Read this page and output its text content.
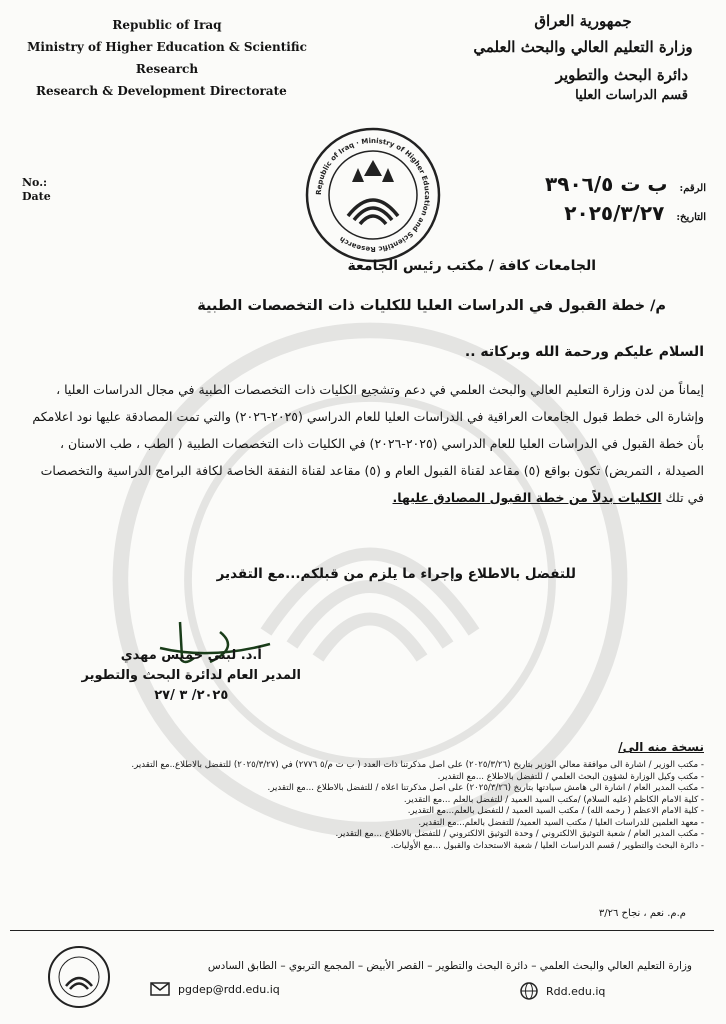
Republic of Iraq
Ministry of Higher Education & Scientific
Research
Research & Development Directorate
جمهورية العراق
وزارة التعليم العالي والبحث العلمي
دائرة البحث والتطوير
قسم الدراسات العليا
No.:
Date
الرقم:ب ت ٣٩٠٦/٥
التاريخ:٢٠٢٥/٣/٢٧
Republic of Iraq · Ministry of Higher Education and Scientific Research
الجامعات كافة / مكتب رئيس الجامعة
م/ خطة القبول في الدراسات العليا للكليات ذات التخصصات الطبية
السلام عليكم ورحمة الله وبركاته ..
إيماناً من لدن وزارة التعليم العالي والبحث العلمي في دعم وتشجيع الكليات ذات التخصصات الطبية في مجال الدراسات العليا ، وإشارة الى خطط قبول الجامعات العراقية في الدراسات العليا للعام الدراسي (٢٠٢٥-٢٠٢٦) والتي تمت المصادقة عليها نود اعلامكم بأن خطة القبول في الدراسات العليا للعام الدراسي (٢٠٢٥-٢٠٢٦) في الكليات ذات التخصصات الطبية ( الطب ، طب الاسنان ، الصيدلة ، التمريض) تكون بواقع (٥) مقاعد لقناة القبول العام و (٥) مقاعد لقناة النفقة الخاصة لكافة البرامج الدراسية والتخصصات في تلك الكليات بدلاً من خطة القبول المصادق عليها.
للتفضل بالاطلاع وإجراء ما يلزم من قبلكم...مع التقدير
أ.د. لبنى خميس مهدي
المدير العام لدائرة البحث والتطوير
٢٠٢٥/ ٣ /٢٧
نسخة منه الى/
- مكتب الوزير / اشارة الى موافقة معالي الوزير بتاريخ (٢٠٢٥/٣/٢٦) على اصل مذكرتنا ذات العدد ( ب ت م/٥ ٢٧٧٦) في (٢٠٢٥/٣/٢٧) للتفضل بالاطلاع..مع التقدير.
- مكتب وكيل الوزارة لشؤون البحث العلمي / للتفضل بالاطلاع ...مع التقدير.
- مكتب المدير العام / اشارة الى هامش سيادتها بتاريخ (٢٠٢٥/٣/٢٦) على اصل مذكرتنا اعلاه / للتفضل بالاطلاع ...مع التقدير.
- كلية الامام الكاظم (عليه السلام) /مكتب السيد العميد / للتفضل بالعلم ...مع التقدير.
- كلية الامام الاعظم ( رحمه الله) / مكتب السيد العميد / للتفضل بالعلم...مع التقدير.
- معهد العلمين للدراسات العليا / مكتب السيد العميد/ للتفضل بالعلم...مع التقدير.
- مكتب المدير العام / شعبة التوثيق الالكتروني / وحدة التوثيق الالكتروني / للتفضل بالاطلاع ...مع التقدير.
- دائرة البحث والتطوير / قسم الدراسات العليا / شعبة الاستحداث والقبول ...مع الأوليات.
م.م. نعم ، نجاح ٣/٢٦
وزارة التعليم العالي والبحث العلمي – دائرة البحث والتطوير – القصر الأبيض – المجمع التربوي – الطابق السادس
pgdep@rdd.edu.iq	Rdd.edu.iq
